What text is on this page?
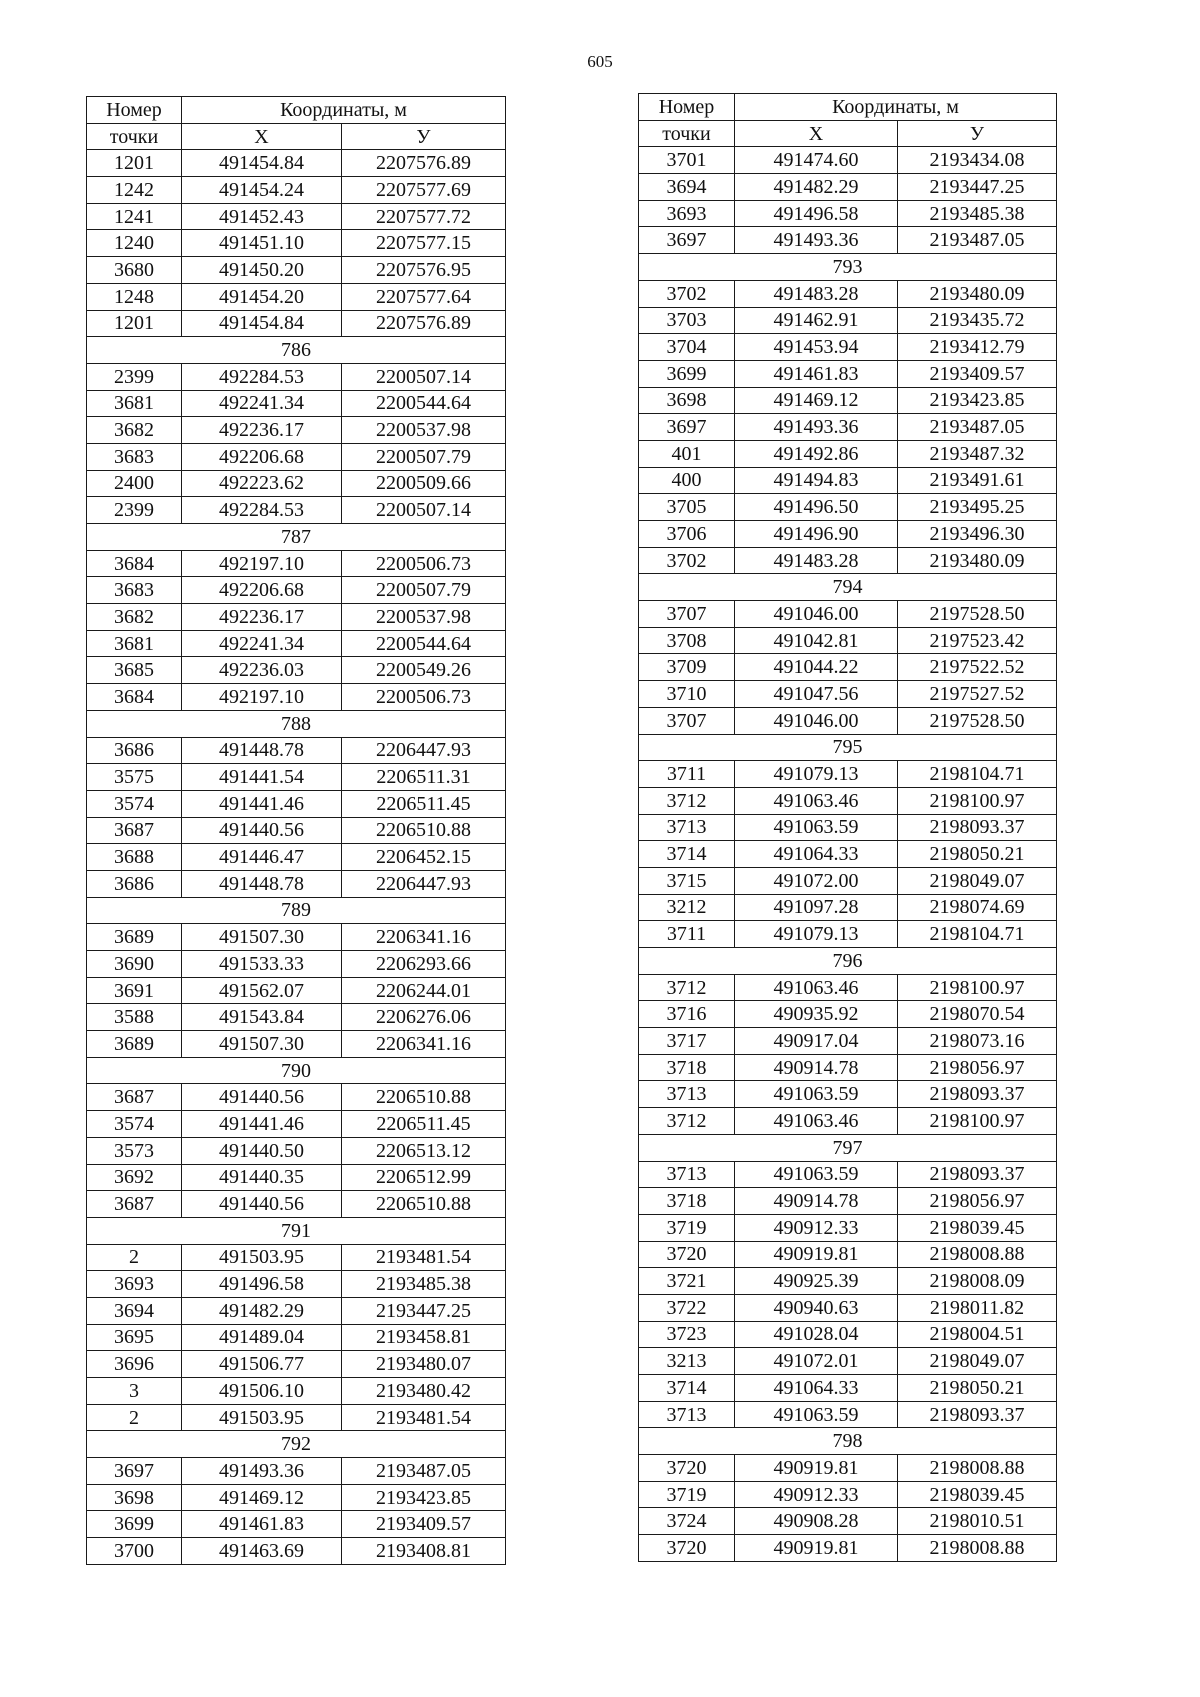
605
Номер	Координаты, м	
точки	X	У
1201	491454.84	2207576.89
1242	491454.24	2207577.69
1241	491452.43	2207577.72
1240	491451.10	2207577.15
3680	491450.20	2207576.95
1248	491454.20	2207577.64
1201	491454.84	2207576.89
786		
2399	492284.53	2200507.14
3681	492241.34	2200544.64
3682	492236.17	2200537.98
3683	492206.68	2200507.79
2400	492223.62	2200509.66
2399	492284.53	2200507.14
787		
3684	492197.10	2200506.73
3683	492206.68	2200507.79
3682	492236.17	2200537.98
3681	492241.34	2200544.64
3685	492236.03	2200549.26
3684	492197.10	2200506.73
788		
3686	491448.78	2206447.93
3575	491441.54	2206511.31
3574	491441.46	2206511.45
3687	491440.56	2206510.88
3688	491446.47	2206452.15
3686	491448.78	2206447.93
789		
3689	491507.30	2206341.16
3690	491533.33	2206293.66
3691	491562.07	2206244.01
3588	491543.84	2206276.06
3689	491507.30	2206341.16
790		
3687	491440.56	2206510.88
3574	491441.46	2206511.45
3573	491440.50	2206513.12
3692	491440.35	2206512.99
3687	491440.56	2206510.88
791		
2	491503.95	2193481.54
3693	491496.58	2193485.38
3694	491482.29	2193447.25
3695	491489.04	2193458.81
3696	491506.77	2193480.07
3	491506.10	2193480.42
2	491503.95	2193481.54
792		
3697	491493.36	2193487.05
3698	491469.12	2193423.85
3699	491461.83	2193409.57
3700	491463.69	2193408.81
Номер	Координаты, м	
точки	X	У
3701	491474.60	2193434.08
3694	491482.29	2193447.25
3693	491496.58	2193485.38
3697	491493.36	2193487.05
793		
3702	491483.28	2193480.09
3703	491462.91	2193435.72
3704	491453.94	2193412.79
3699	491461.83	2193409.57
3698	491469.12	2193423.85
3697	491493.36	2193487.05
401	491492.86	2193487.32
400	491494.83	2193491.61
3705	491496.50	2193495.25
3706	491496.90	2193496.30
3702	491483.28	2193480.09
794		
3707	491046.00	2197528.50
3708	491042.81	2197523.42
3709	491044.22	2197522.52
3710	491047.56	2197527.52
3707	491046.00	2197528.50
795		
3711	491079.13	2198104.71
3712	491063.46	2198100.97
3713	491063.59	2198093.37
3714	491064.33	2198050.21
3715	491072.00	2198049.07
3212	491097.28	2198074.69
3711	491079.13	2198104.71
796		
3712	491063.46	2198100.97
3716	490935.92	2198070.54
3717	490917.04	2198073.16
3718	490914.78	2198056.97
3713	491063.59	2198093.37
3712	491063.46	2198100.97
797		
3713	491063.59	2198093.37
3718	490914.78	2198056.97
3719	490912.33	2198039.45
3720	490919.81	2198008.88
3721	490925.39	2198008.09
3722	490940.63	2198011.82
3723	491028.04	2198004.51
3213	491072.01	2198049.07
3714	491064.33	2198050.21
3713	491063.59	2198093.37
798		
3720	490919.81	2198008.88
3719	490912.33	2198039.45
3724	490908.28	2198010.51
3720	490919.81	2198008.88
